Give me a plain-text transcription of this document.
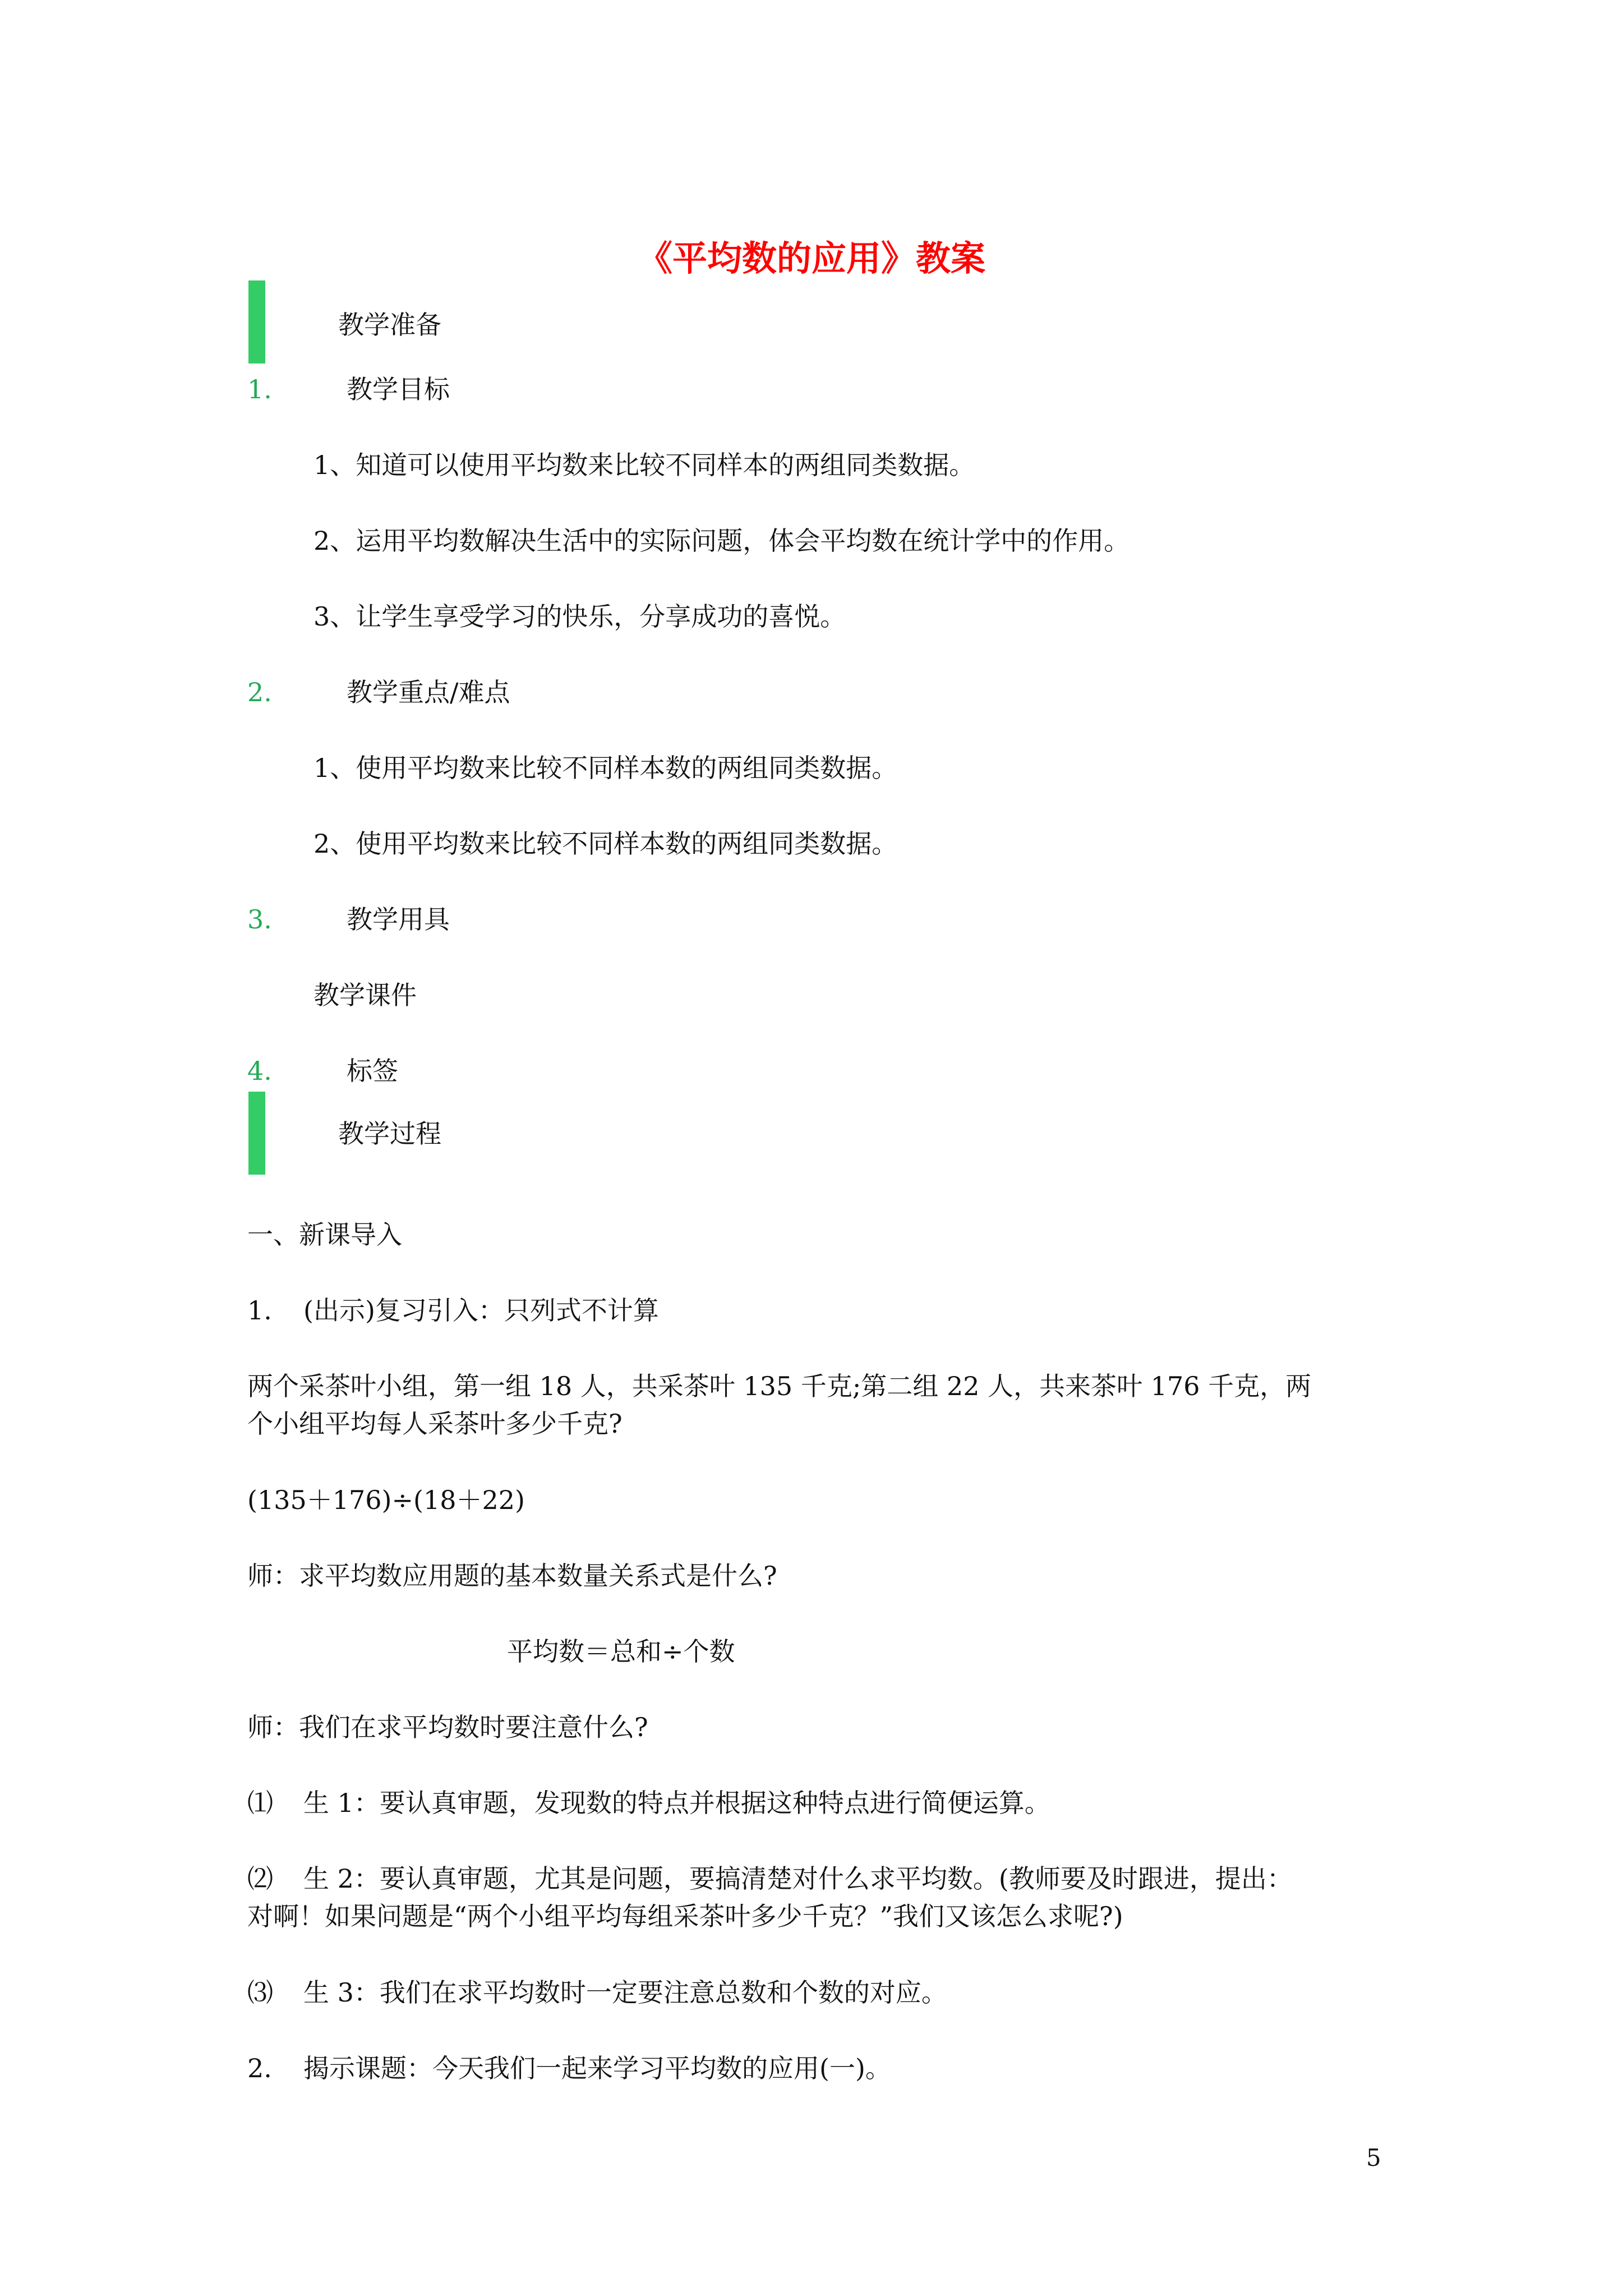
《平均数的应用》教案
教学准备
1.	教学目标
1、知道可以使用平均数来比较不同样本的两组同类数据。
2、运用平均数解决生活中的实际问题，体会平均数在统计学中的作用。
3、让学生享受学习的快乐，分享成功的喜悦。
2.	教学重点/难点
1、使用平均数来比较不同样本数的两组同类数据。
2、使用平均数来比较不同样本数的两组同类数据。
3.	教学用具
教学课件
4.	标签
教学过程
一、新课导入
1. (出示)复习引入：只列式不计算
两个采茶叶小组，第一组 18 人，共采茶叶 135 千克;第二组 22 人，共来茶叶 176 千克，两
个小组平均每人采茶叶多少千克?
(135＋176)÷(18＋22)
师：求平均数应用题的基本数量关系式是什么?
平均数＝总和÷个数
师：我们在求平均数时要注意什么?
⑴ 生 1：要认真审题，发现数的特点并根据这种特点进行简便运算。
⑵ 生 2：要认真审题，尤其是问题，要搞清楚对什么求平均数。(教师要及时跟进，提出：
对啊！如果问题是“两个小组平均每组采茶叶多少千克？”我们又该怎么求呢?)
⑶ 生 3：我们在求平均数时一定要注意总数和个数的对应。
2. 揭示课题：今天我们一起来学习平均数的应用(一)。
5
